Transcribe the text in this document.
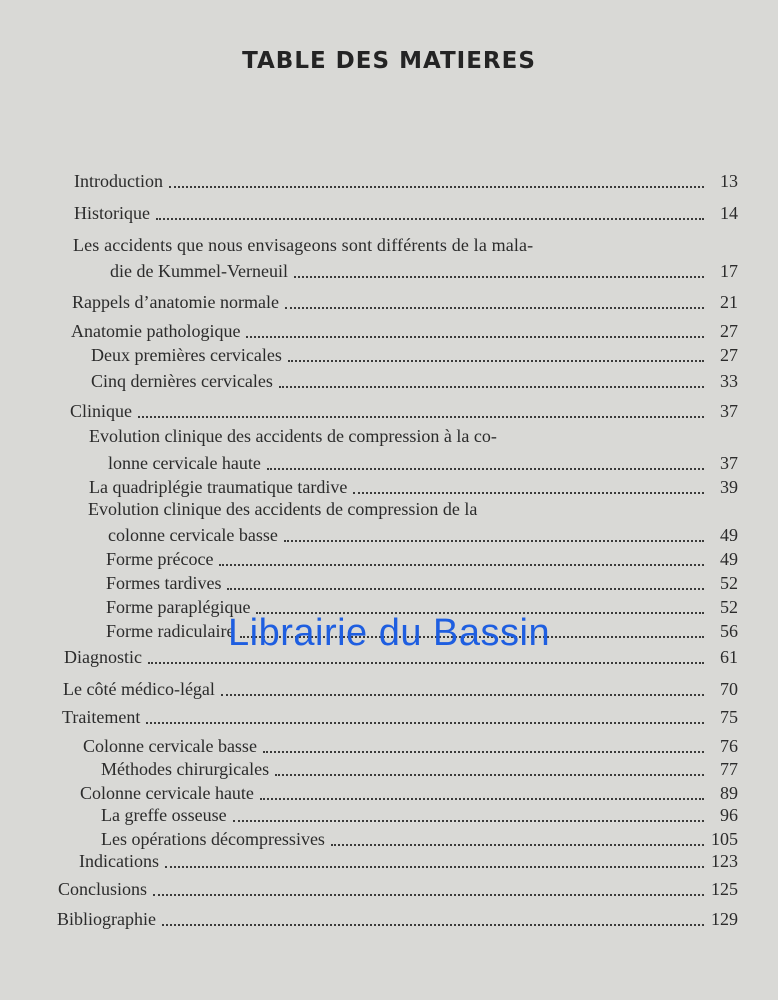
TABLE DES MATIERES
Introduction	13
Historique	14
Les accidents que nous envisageons sont différents de la mala-
die de Kummel-Verneuil	17
Rappels d’anatomie normale	21
Anatomie pathologique	27
Deux premières cervicales	27
Cinq dernières cervicales	33
Clinique	37
Evolution clinique des accidents de compression à la co-
lonne cervicale haute	37
La quadriplégie traumatique tardive	39
Evolution clinique des accidents de compression de la
colonne cervicale basse	49
Forme précoce	49
Formes tardives	52
Forme paraplégique	52
Forme radiculaire	56
Diagnostic	61
Le côté médico-légal	70
Traitement	75
Colonne cervicale basse	76
Méthodes chirurgicales	77
Colonne cervicale haute	89
La greffe osseuse	96
Les opérations décompressives	105
Indications	123
Conclusions	125
Bibliographie	129
Librairie du Bassin
